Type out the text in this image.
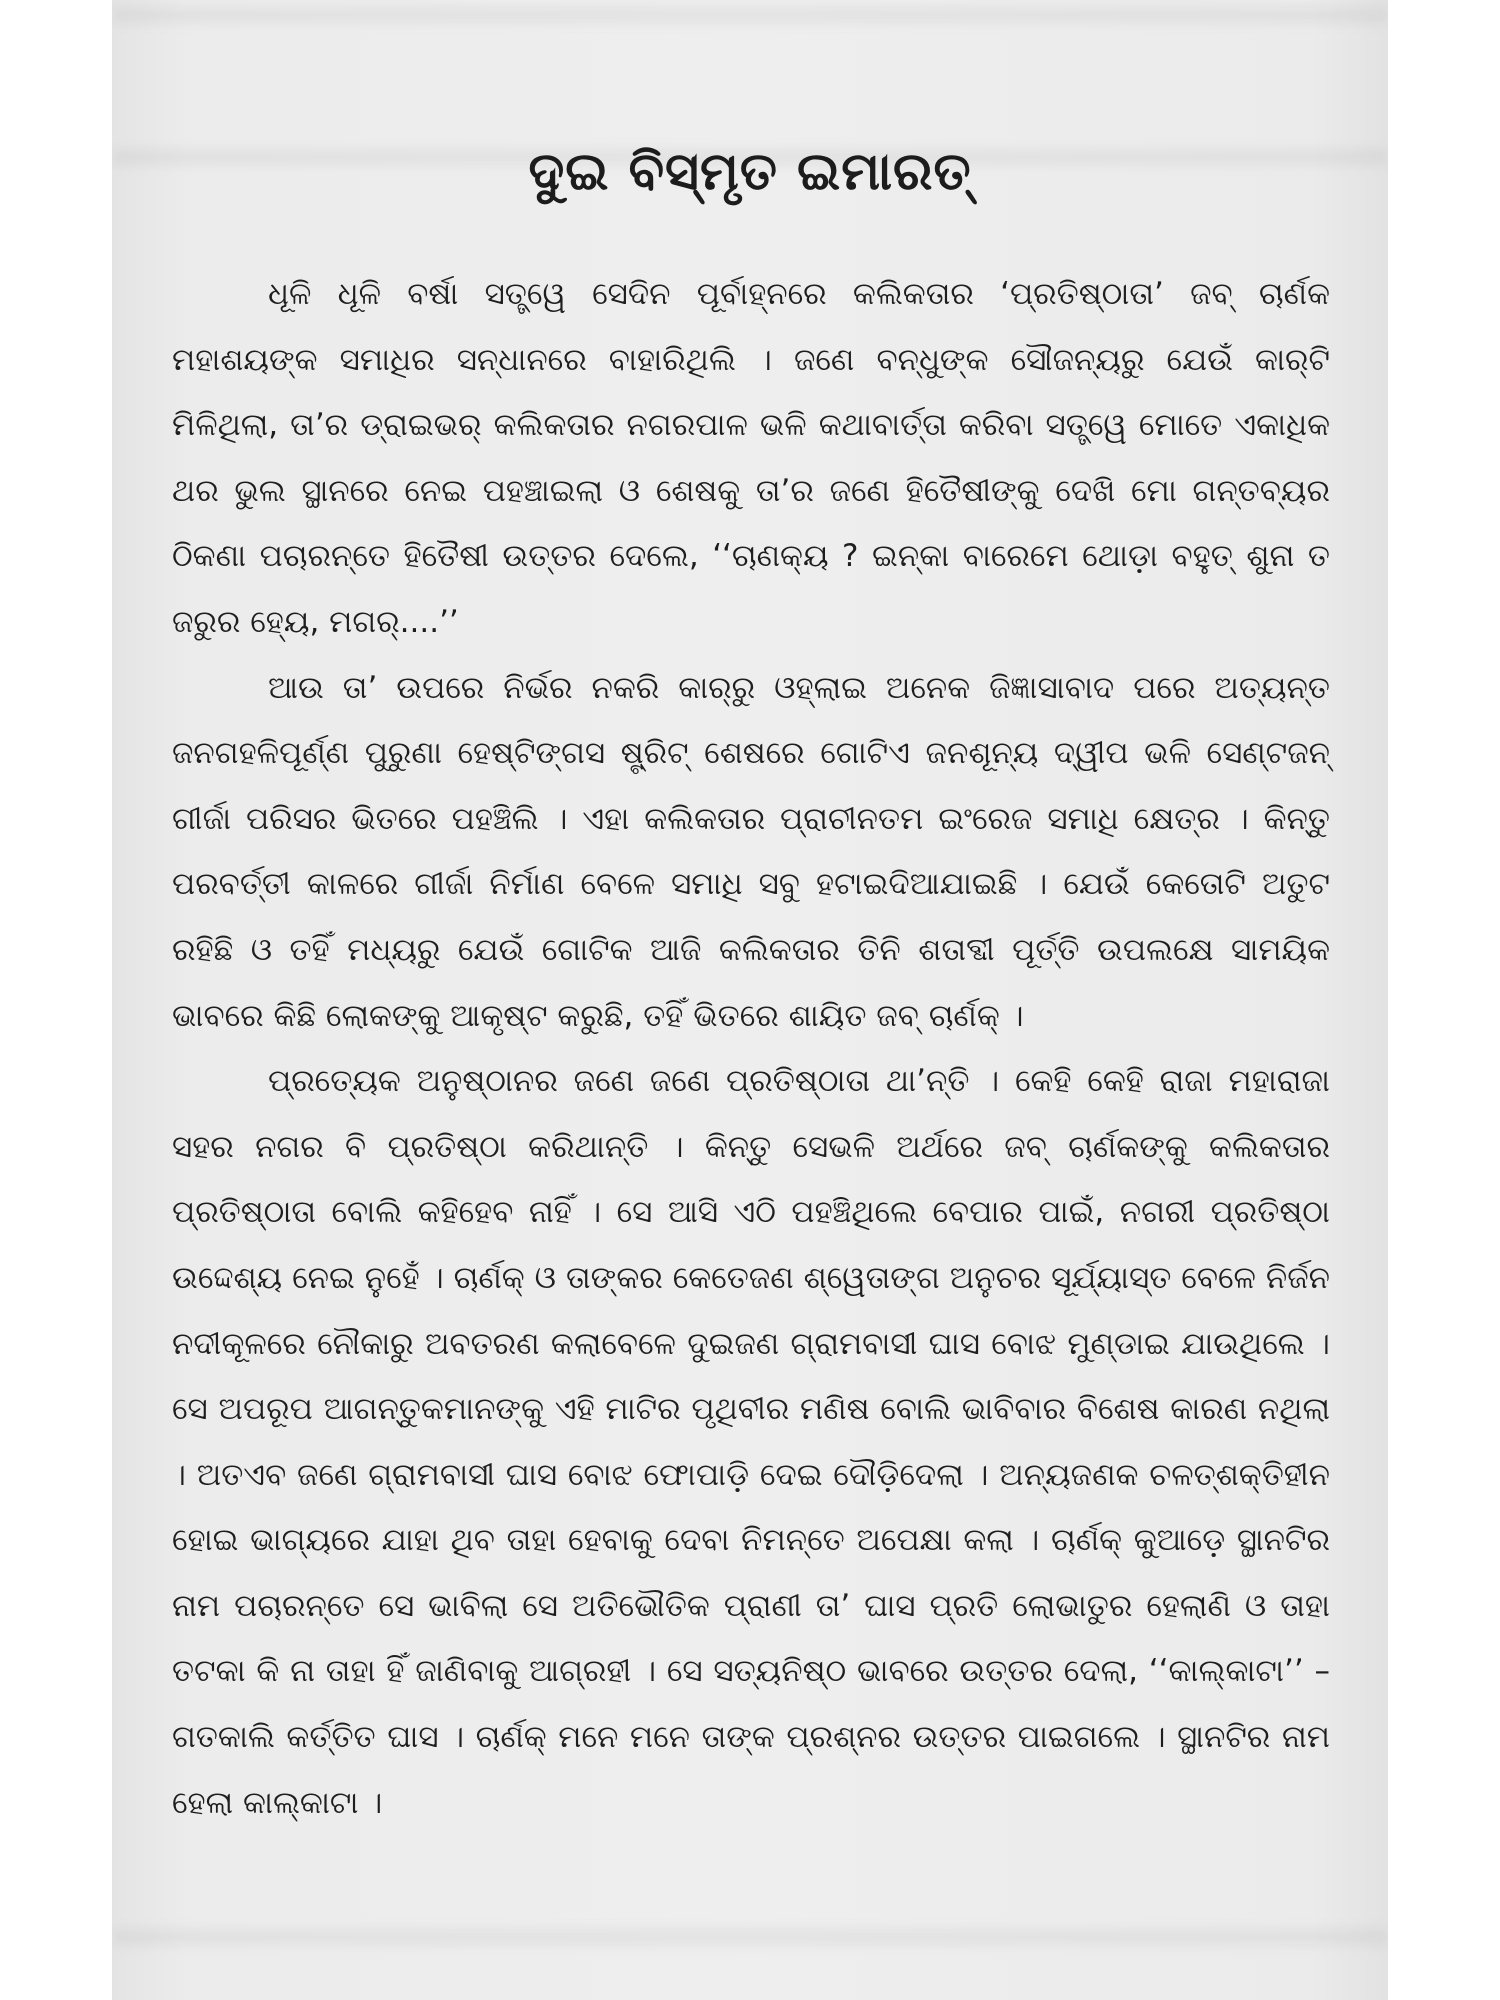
ଦୁଇ ବିସ୍ମୃତ ଇମାରତ୍

ଧୂଳି ଧୂଳି ବର୍ଷା ସତ୍ତ୍ୱେ ସେଦିନ ପୂର୍ବାହ୍ନରେ କଲିକତାର ‘ପ୍ରତିଷ୍ଠାତା’ ଜବ୍ ଚାର୍ଣକ ମହାଶୟଙ୍କ ସମାଧିର ସନ୍ଧାନରେ ବାହାରିଥିଲି । ଜଣେ ବନ୍ଧୁଙ୍କ ସୌଜନ୍ୟରୁ ଯେଉଁ କାର୍‌ଟି ମିଳିଥିଲା, ତା’ର ଡ୍ରାଇଭର୍ କଲିକତାର ନଗରପାଳ ଭଳି କଥାବାର୍ତ୍ତା କରିବା ସତ୍ତ୍ୱେ ମୋତେ ଏକାଧିକ ଥର ଭୁଲ ସ୍ଥାନରେ ନେଇ ପହଞ୍ଚାଇଲା ଓ ଶେଷକୁ ତା’ର ଜଣେ ହିତୈଷୀଙ୍କୁ ଦେଖି ମୋ ଗନ୍ତବ୍ୟର ଠିକଣା ପଚାରନ୍ତେ ହିତୈଷୀ ଉତ୍ତର ଦେଲେ, ‘‘ଚାଣକ୍ୟ ? ଇନ୍‌କା ବାରେମେ ଥୋଡ଼ା ବହୁତ୍ ଶୁନା ତ ଜରୁର ହ୍ୟେ, ମଗର୍....’’

ଆଉ ତା’ ଉପରେ ନିର୍ଭର ନକରି କାର୍‌ରୁ ଓହ୍ଲାଇ ଅନେକ ଜିଜ୍ଞାସାବାଦ ପରେ ଅତ୍ୟନ୍ତ ଜନଗହଳିପୂର୍ଣ୍ଣ ପୁରୁଣା ହେଷ୍ଟିଙ୍ଗସ ଷ୍ଟ୍ରିଟ୍ ଶେଷରେ ଗୋଟିଏ ଜନଶୂନ୍ୟ ଦ୍ୱୀପ ଭଳି ସେଣ୍ଟଜନ୍ ଗୀର୍ଜା ପରିସର ଭିତରେ ପହଞ୍ଚିଲି । ଏହା କଲିକତାର ପ୍ରାଚୀନତମ ଇଂରେଜ ସମାଧି କ୍ଷେତ୍ର । କିନ୍ତୁ ପରବର୍ତ୍ତୀ କାଳରେ ଗୀର୍ଜା ନିର୍ମାଣ ବେଳେ ସମାଧି ସବୁ ହଟାଇଦିଆଯାଇଛି । ଯେଉଁ କେତୋଟି ଅତୁଟ ରହିଛି ଓ ତହିଁ ମଧ୍ୟରୁ ଯେଉଁ ଗୋଟିକ ଆଜି କଲିକତାର ତିନି ଶତାବ୍ଦୀ ପୂର୍ତ୍ତି ଉପଲକ୍ଷେ ସାମୟିକ ଭାବରେ କିଛି ଲୋକଙ୍କୁ ଆକୃଷ୍ଟ କରୁଛି, ତହିଁ ଭିତରେ ଶାୟିତ ଜବ୍ ଚାର୍ଣକ୍ ।

ପ୍ରତ୍ୟେକ ଅନୁଷ୍ଠାନର ଜଣେ ଜଣେ ପ୍ରତିଷ୍ଠାତା ଥା’ନ୍ତି । କେହି କେହି ରାଜା ମହାରାଜା ସହର ନଗର ବି ପ୍ରତିଷ୍ଠା କରିଥାନ୍ତି । କିନ୍ତୁ ସେଭଳି ଅର୍ଥରେ ଜବ୍ ଚାର୍ଣକଙ୍କୁ କଲିକତାର ପ୍ରତିଷ୍ଠାତା ବୋଲି କହିହେବ ନାହିଁ । ସେ ଆସି ଏଠି ପହଞ୍ଚିଥିଲେ ବେପାର ପାଇଁ, ନଗରୀ ପ୍ରତିଷ୍ଠା ଉଦ୍ଦେଶ୍ୟ ନେଇ ନୁହେଁ । ଚାର୍ଣକ୍ ଓ ତାଙ୍କର କେତେଜଣ ଶ୍ୱେତାଙ୍ଗ ଅନୁଚର ସୂର୍ଯ୍ୟାସ୍ତ ବେଳେ ନିର୍ଜନ ନଦୀକୂଳରେ ନୌକାରୁ ଅବତରଣ କଲାବେଳେ ଦୁଇଜଣ ଗ୍ରାମବାସୀ ଘାସ ବୋଝ ମୁଣ୍ଡାଇ ଯାଉଥିଲେ । ସେ ଅପରୂପ ଆଗନ୍ତୁକମାନଙ୍କୁ ଏହି ମାଟିର ପୃଥିବୀର ମଣିଷ ବୋଲି ଭାବିବାର ବିଶେଷ କାରଣ ନଥିଲା । ଅତଏବ ଜଣେ ଗ୍ରାମବାସୀ ଘାସ ବୋଝ ଫୋପାଡ଼ି ଦେଇ ଦୌଡ଼ିଦେଲା । ଅନ୍ୟଜଣକ ଚଳତ୍‌ଶକ୍ତିହୀନ ହୋଇ ଭାଗ୍ୟରେ ଯାହା ଥିବ ତାହା ହେବାକୁ ଦେବା ନିମନ୍ତେ ଅପେକ୍ଷା କଲା । ଚାର୍ଣକ୍ କୁଆଡ଼େ ସ୍ଥାନଟିର ନାମ ପଚାରନ୍ତେ ସେ ଭାବିଲା ସେ ଅତିଭୌତିକ ପ୍ରାଣୀ ତା’ ଘାସ ପ୍ରତି ଲୋଭାତୁର ହେଲାଣି ଓ ତାହା ତଟକା କି ନା ତାହା ହିଁ ଜାଣିବାକୁ ଆଗ୍ରହୀ । ସେ ସତ୍ୟନିଷ୍ଠ ଭାବରେ ଉତ୍ତର ଦେଲା, ‘‘କାଲ୍‌କାଟା’’ – ଗତକାଲି କର୍ତ୍ତିତ ଘାସ । ଚାର୍ଣକ୍ ମନେ ମନେ ତାଙ୍କ ପ୍ରଶ୍ନର ଉତ୍ତର ପାଇଗଲେ । ସ୍ଥାନଟିର ନାମ ହେଲା କାଲ୍‌କାଟା ।
